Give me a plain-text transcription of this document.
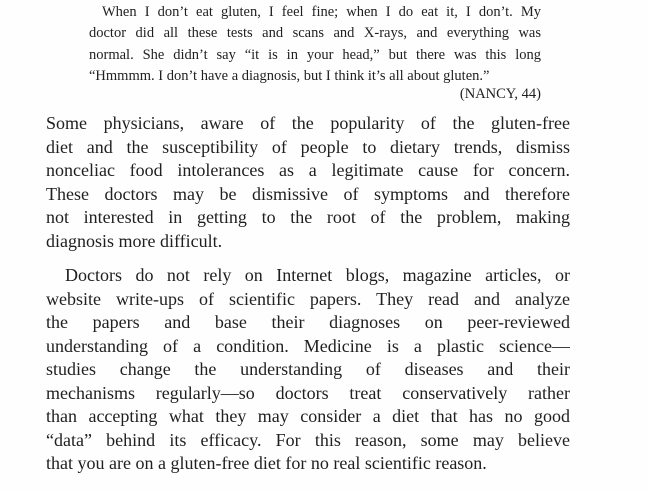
When I don’t eat gluten, I feel fine; when I do eat it, I don’t. My
doctor did all these tests and scans and X-rays, and everything was
normal. She didn’t say “it is in your head,” but there was this long
“Hmmmm. I don’t have a diagnosis, but I think it’s all about gluten.”
(NANCY, 44)
Some physicians, aware of the popularity of the gluten-free
diet and the susceptibility of people to dietary trends, dismiss
nonceliac food intolerances as a legitimate cause for concern.
These doctors may be dismissive of symptoms and therefore
not interested in getting to the root of the problem, making
diagnosis more difficult.
Doctors do not rely on Internet blogs, magazine articles, or
website write-ups of scientific papers. They read and analyze
the papers and base their diagnoses on peer-reviewed
understanding of a condition. Medicine is a plastic science—
studies change the understanding of diseases and their
mechanisms regularly—so doctors treat conservatively rather
than accepting what they may consider a diet that has no good
“data” behind its efficacy. For this reason, some may believe
that you are on a gluten-free diet for no real scientific reason.
